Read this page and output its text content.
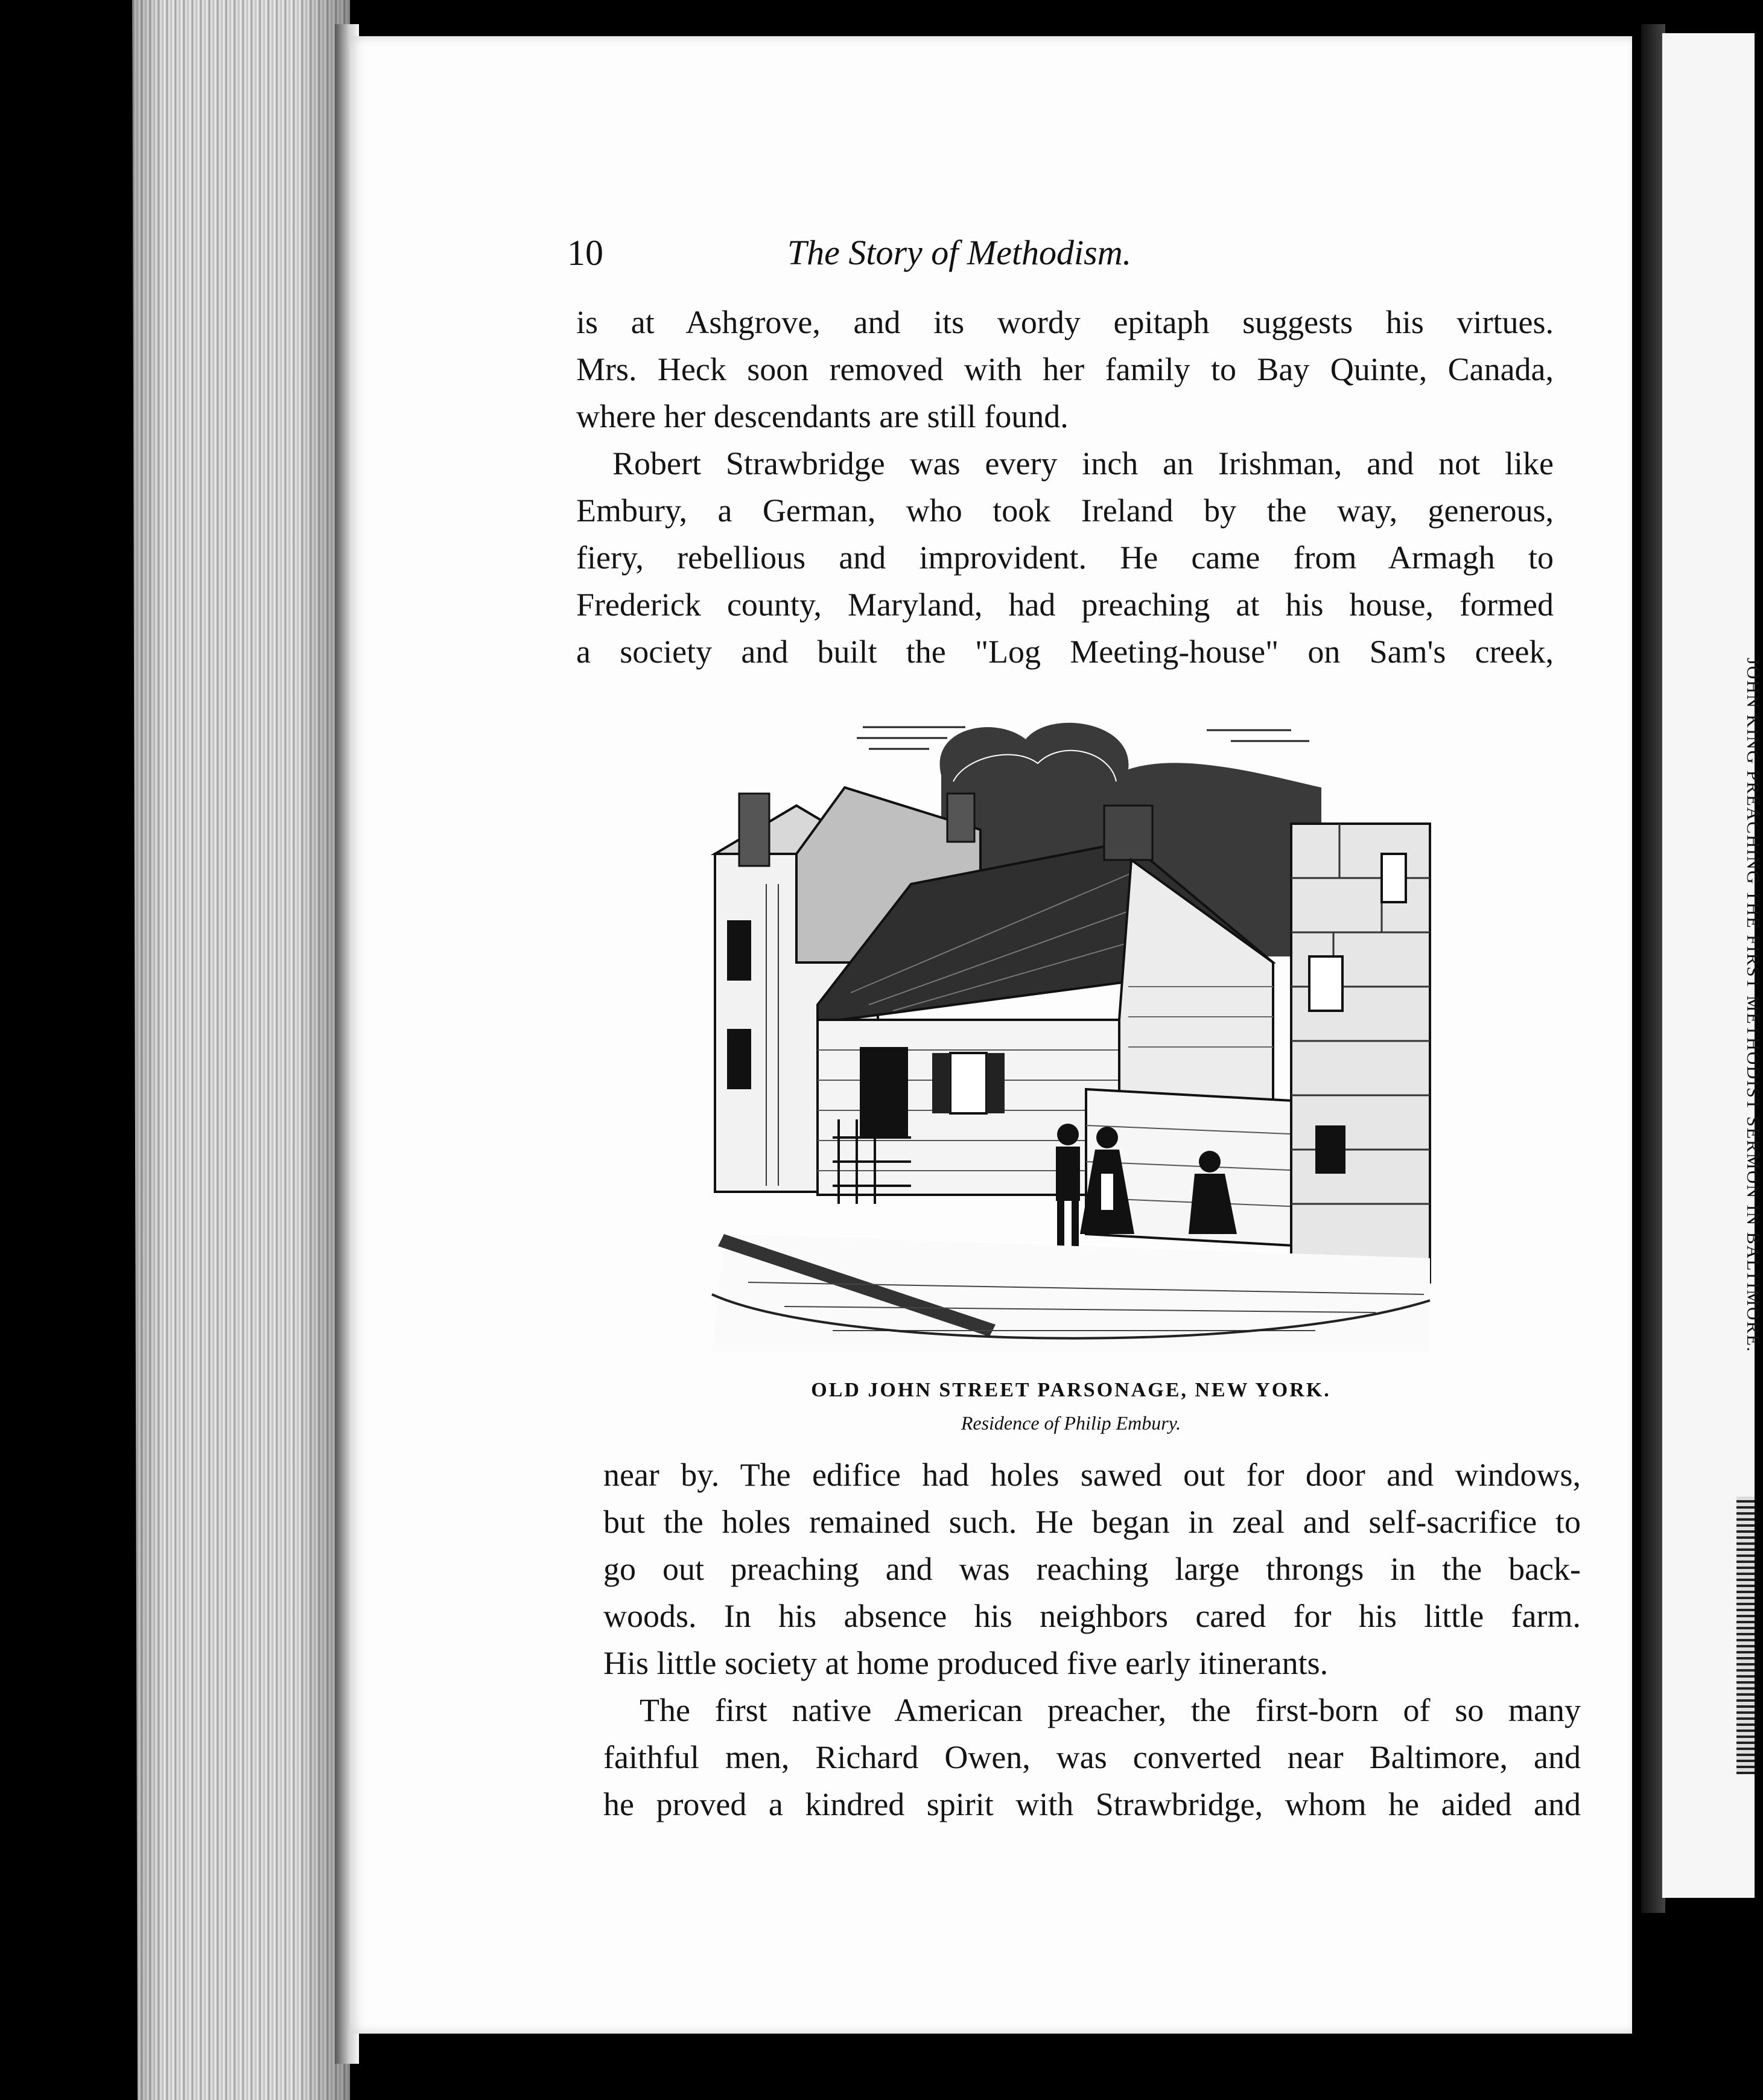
JOHN KING PREACHING THE FIRST METHODIST SERMON IN BALTIMORE.
10	The Story of Methodism.
is at Ashgrove, and its wordy epitaph suggests his virtues.
Mrs. Heck soon removed with her family to Bay Quinte, Canada,
where her descendants are still found.
Robert Strawbridge was every inch an Irishman, and not like
Embury, a German, who took Ireland by the way, generous,
fiery, rebellious and improvident. He came from Armagh to
Frederick county, Maryland, had preaching at his house, formed
a society and built the "Log Meeting-house" on Sam's creek,
OLD JOHN STREET PARSONAGE, NEW YORK.
Residence of Philip Embury.
near by. The edifice had holes sawed out for door and windows,
but the holes remained such. He began in zeal and self-sacrifice to
go out preaching and was reaching large throngs in the back-
woods. In his absence his neighbors cared for his little farm.
His little society at home produced five early itinerants.
The first native American preacher, the first-born of so many
faithful men, Richard Owen, was converted near Baltimore, and
he proved a kindred spirit with Strawbridge, whom he aided and
